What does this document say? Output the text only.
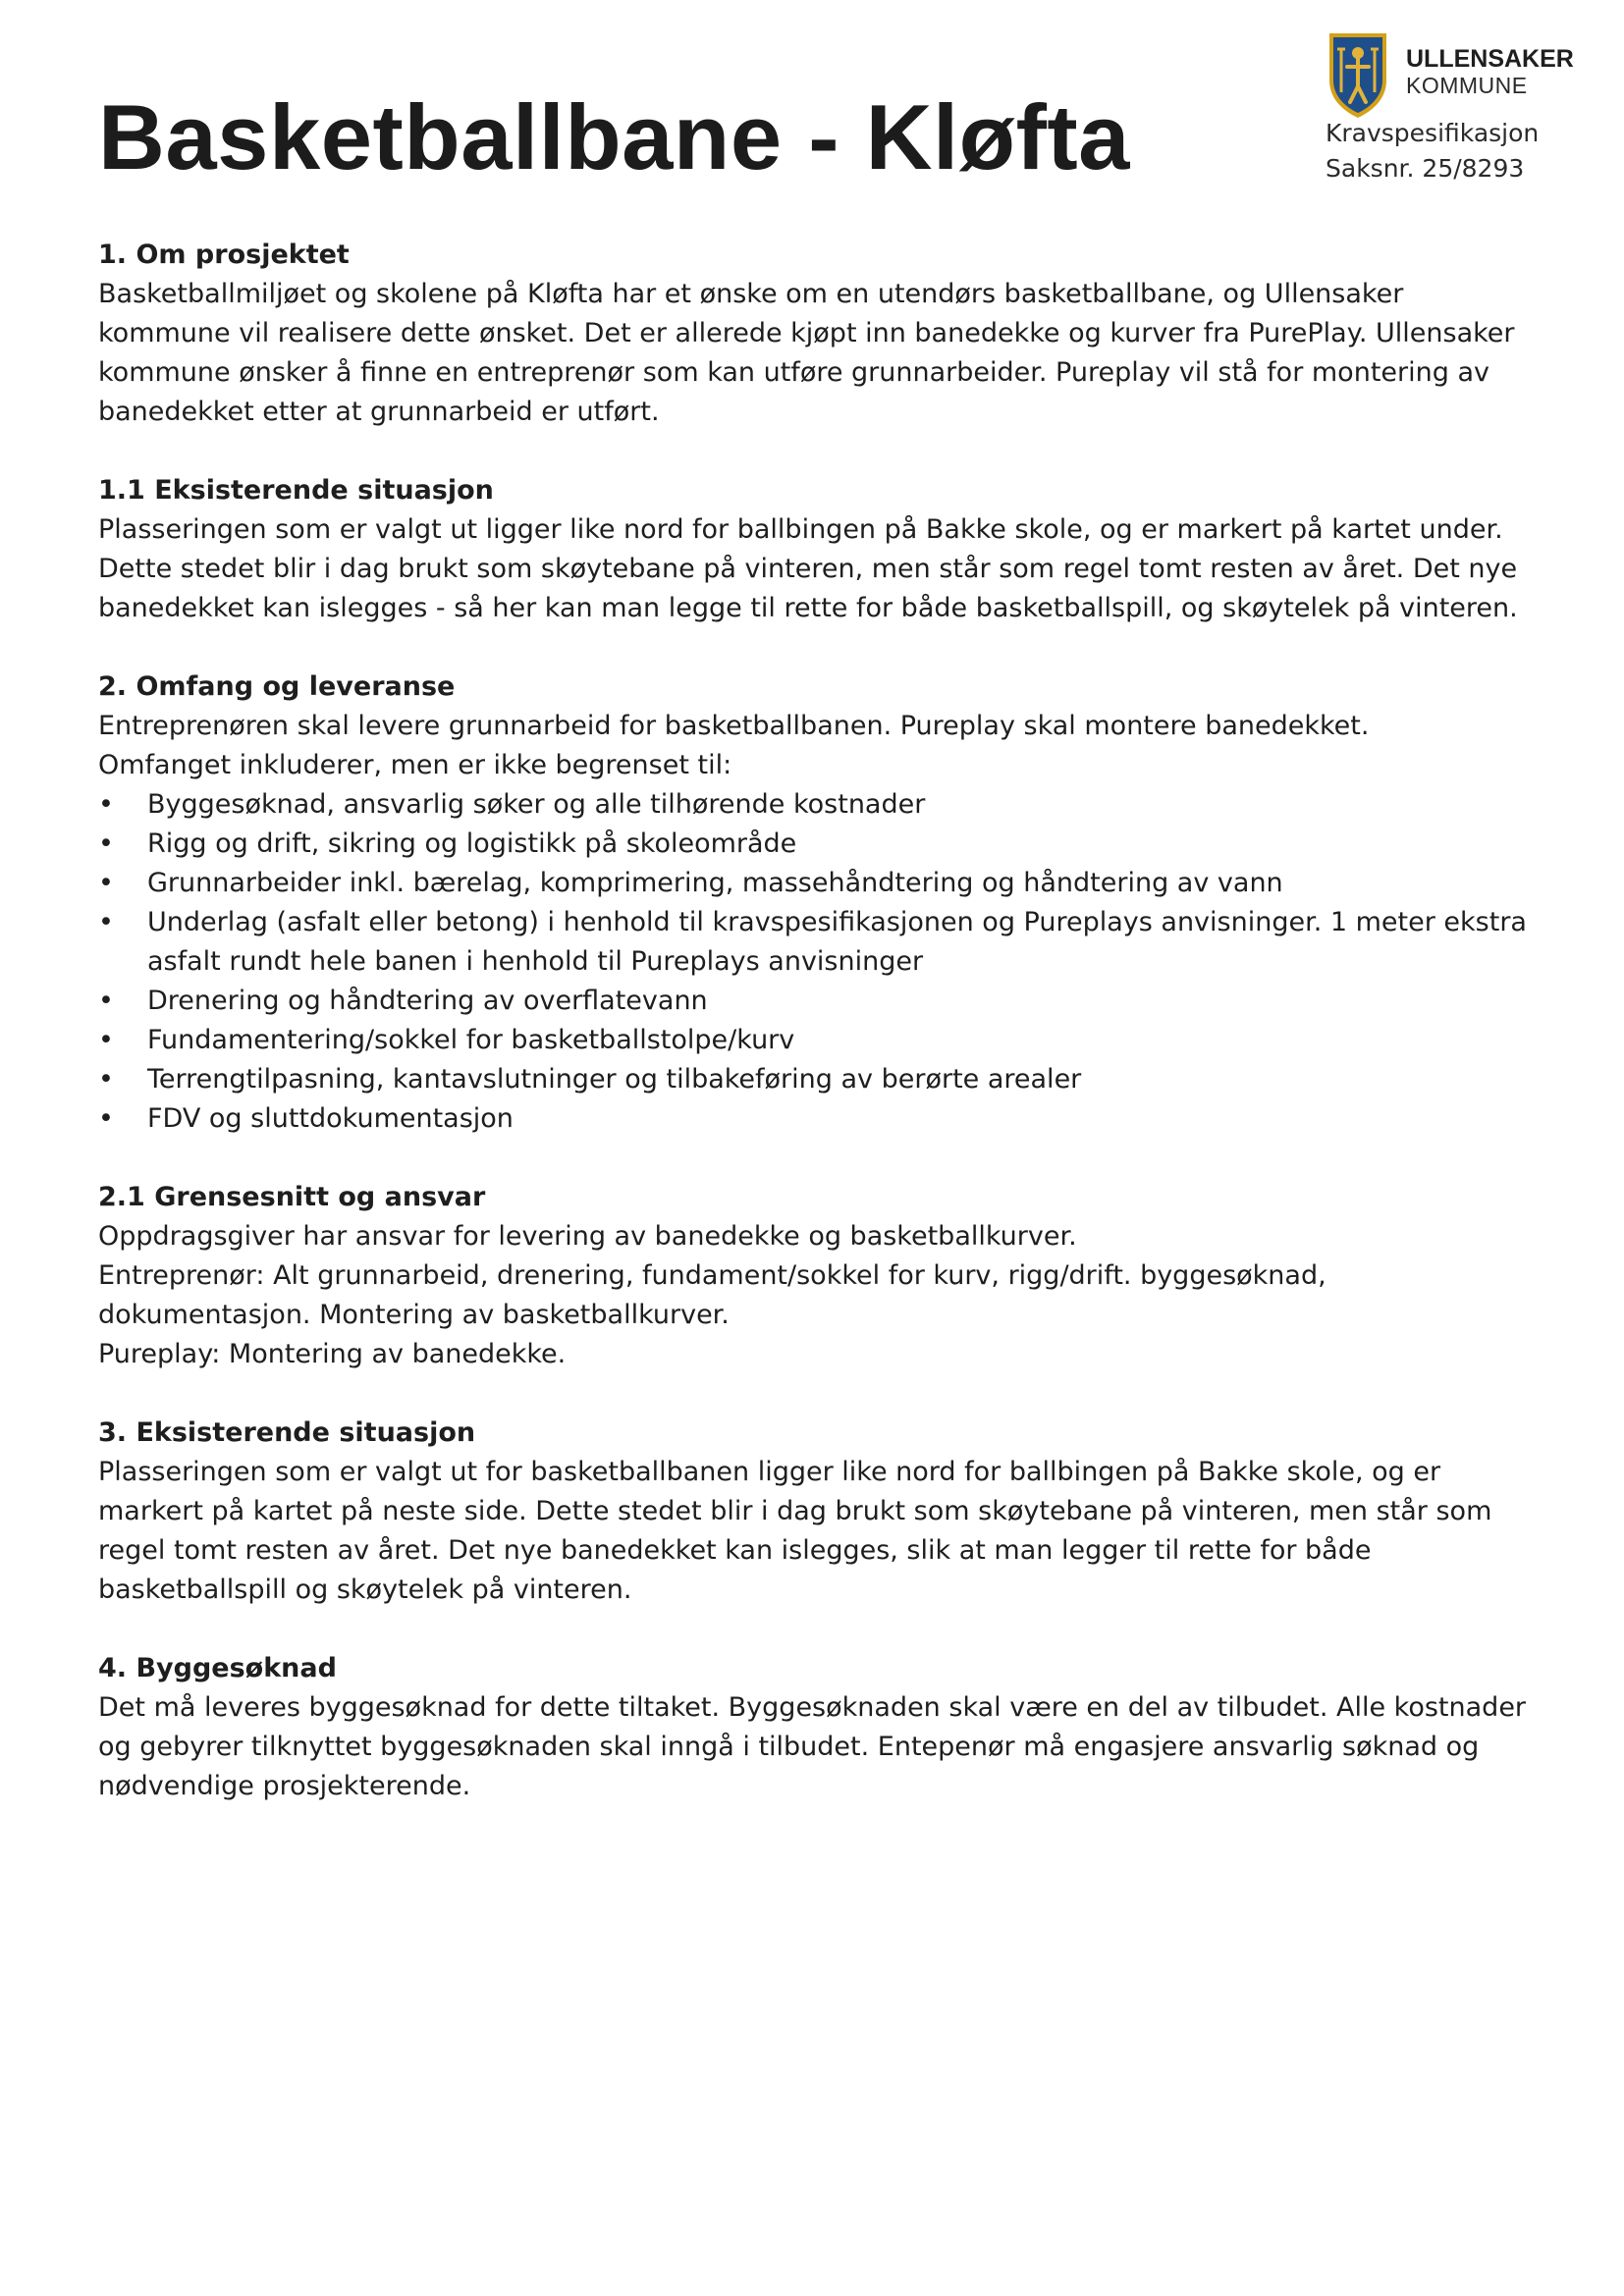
Basketballbane - Kløfta
ULLENSAKER
KOMMUNE
Kravspesifikasjon
Saksnr. 25/8293
1. Om prosjektet

Basketballmiljøet og skolene på Kløfta har et ønske om en utendørs basketballbane, og Ullensaker kommune vil realisere dette ønsket. Det er allerede kjøpt inn banedekke og kurver fra PurePlay. Ullensaker kommune ønsker å finne en entreprenør som kan utføre grunnarbeider. Pureplay vil stå for montering av banedekket etter at grunnarbeid er utført.

1.1 Eksisterende situasjon

Plasseringen som er valgt ut ligger like nord for ballbingen på Bakke skole, og er markert på kartet under. Dette stedet blir i dag brukt som skøytebane på vinteren, men står som regel tomt resten av året. Det nye banedekket kan islegges - så her kan man legge til rette for både basketballspill, og skøytelek på vinteren.

2. Omfang og leveranse

Entreprenøren skal levere grunnarbeid for basketballbanen. Pureplay skal montere banedekket.

Omfanget inkluderer, men er ikke begrenset til:

•	Byggesøknad, ansvarlig søker og alle tilhørende kostnader
•	Rigg og drift, sikring og logistikk på skoleområde
•	Grunnarbeider inkl. bærelag, komprimering, massehåndtering og håndtering av vann
•	Underlag (asfalt eller betong) i henhold til kravspesifikasjonen og Pureplays anvisninger. 1 meter ekstra asfalt rundt hele banen i henhold til Pureplays anvisninger
•	Drenering og håndtering av overflatevann
•	Fundamentering/sokkel for basketballstolpe/kurv
•	Terrengtilpasning, kantavslutninger og tilbakeføring av berørte arealer
•	FDV og sluttdokumentasjon
2.1 Grensesnitt og ansvar

Oppdragsgiver har ansvar for levering av banedekke og basketballkurver.

Entreprenør: Alt grunnarbeid, drenering, fundament/sokkel for kurv, rigg/drift. byggesøknad, dokumentasjon. Montering av basketballkurver.

Pureplay: Montering av banedekke.

3. Eksisterende situasjon

Plasseringen som er valgt ut for basketballbanen ligger like nord for ballbingen på Bakke skole, og er markert på kartet på neste side. Dette stedet blir i dag brukt som skøytebane på vinteren, men står som regel tomt resten av året. Det nye banedekket kan islegges, slik at man legger til rette for både basketballspill og skøytelek på vinteren.

4. Byggesøknad

Det må leveres byggesøknad for dette tiltaket. Byggesøknaden skal være en del av tilbudet. Alle kostnader og gebyrer tilknyttet byggesøknaden skal inngå i tilbudet. Entepenør må engasjere ansvarlig søknad og nødvendige prosjekterende.
